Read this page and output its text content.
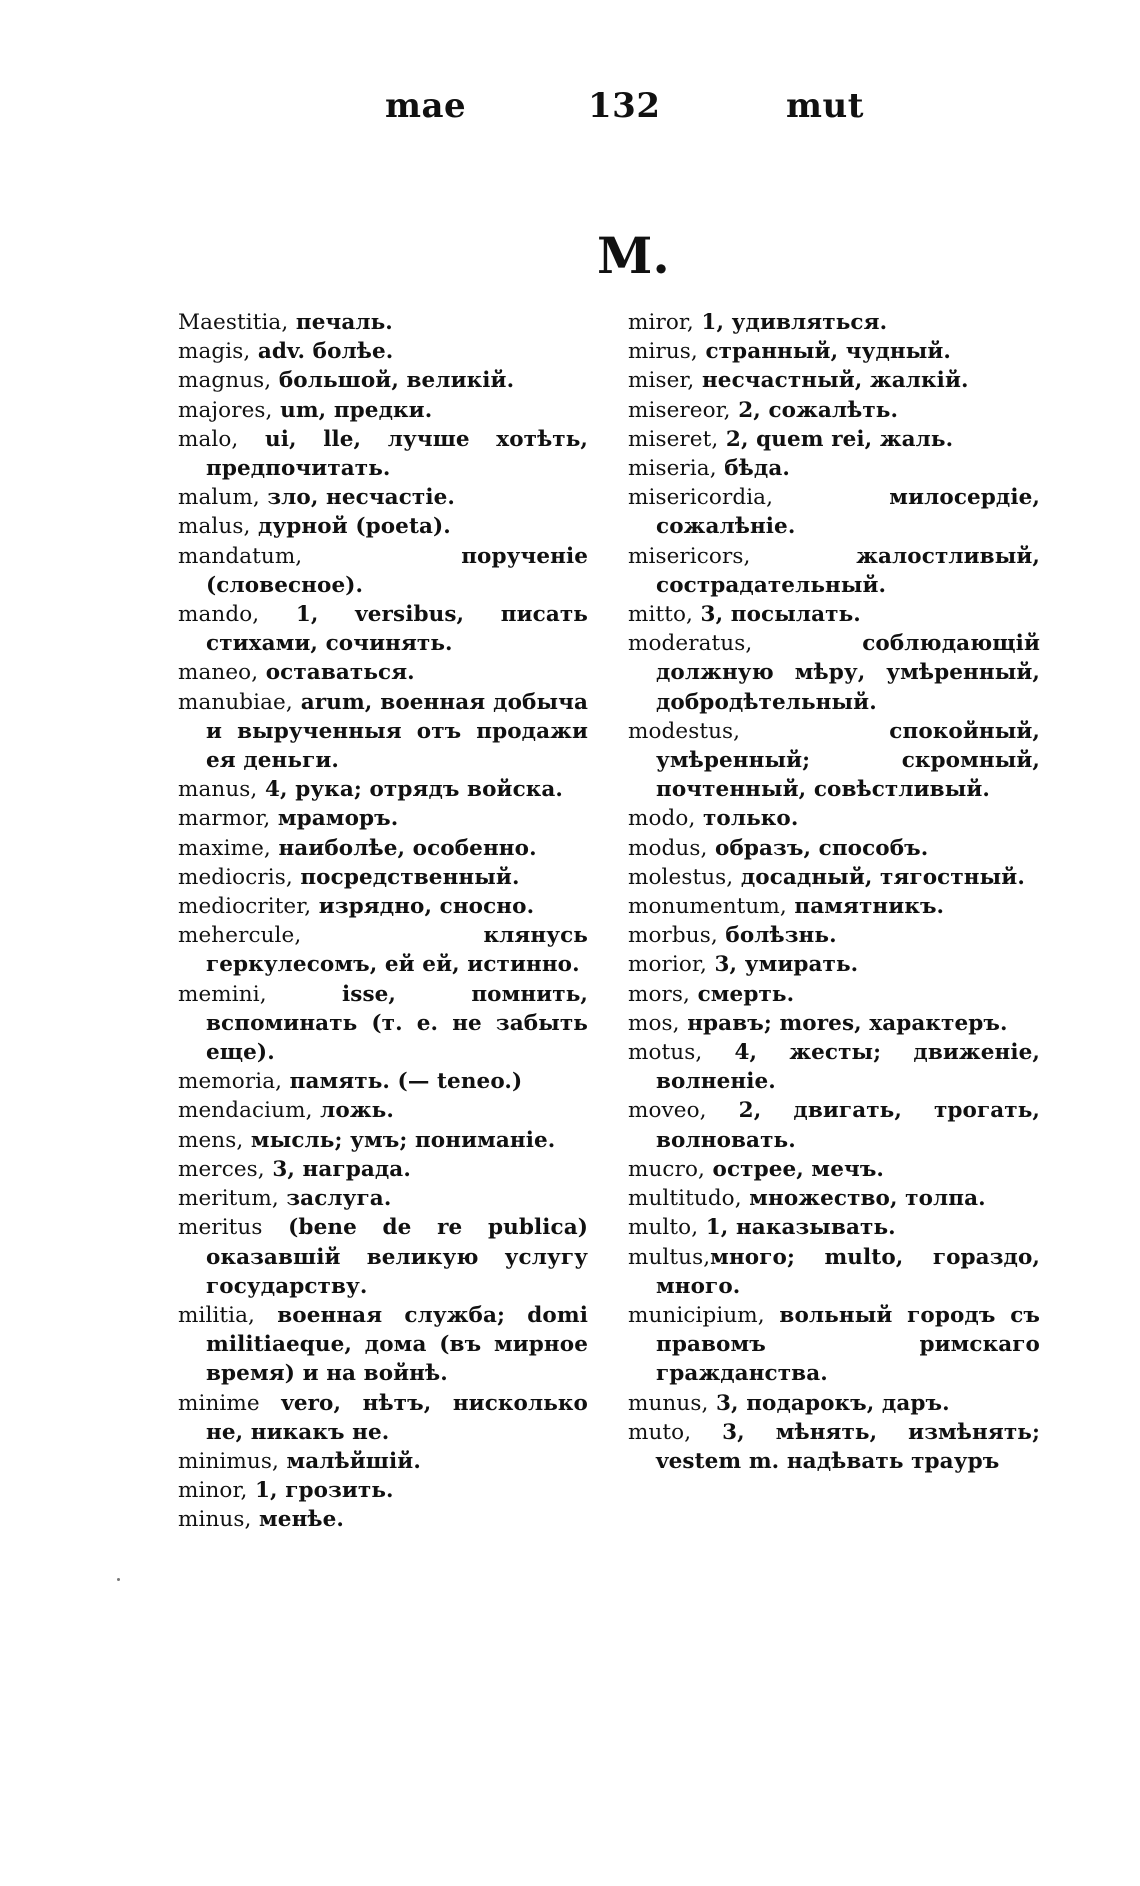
mae	132	mut
M.

Maestitia, печаль.

magis, adv. болѣе.

magnus, большой, великій.

majores, um, предки.

malo, ui, lle, лучше хотѣть, предпочитать.

malum, зло, несчастіе.

malus, дурной (poeta).

mandatum, порученіе (словесное).

mando, 1, versibus, писать стихами, сочинять.

maneo, оставаться.

manubiae, arum, военная добыча и вырученныя отъ продажи ея деньги.

manus, 4, рука; отрядъ войска.

marmor, мраморъ.

maxime, наиболѣе, особенно.

mediocris, посредственный.

mediocriter, изрядно, сносно.

mehercule, клянусь геркулесомъ, ей ей, истинно.

memini, isse, помнить, вспоминать (т. е. не забыть еще).

memoria, память. (— teneo.)

mendacium, ложь.

mens, мысль; умъ; пониманіе.

merces, 3, награда.

meritum, заслуга.

meritus (bene de re publica) оказавшій великую услугу государству.

militia, военная служба; domi militiaeque, дома (въ мирное время) и на войнѣ.

minime vero, нѣтъ, нисколько не, никакъ не.

minimus, малѣйшій.

minor, 1, грозить.

minus, менѣе.

miror, 1, удивляться.

mirus, странный, чудный.

miser, несчастный, жалкій.

misereor, 2, сожалѣть.

miseret, 2, quem rei, жаль.

miseria, бѣда.

misericordia, милосердіе, сожалѣніе.

misericors, жалостливый, сострадательный.

mitto, 3, посылать.

moderatus, соблюдающій должную мѣру, умѣренный, добродѣтельный.

modestus, спокойный, умѣренный; скромный, почтенный, совѣстливый.

modo, только.

modus, образъ, способъ.

molestus, досадный, тягостный.

monumentum, памятникъ.

morbus, болѣзнь.

morior, 3, умирать.

mors, смерть.

mos, нравъ; mores, характеръ.

motus, 4, жесты; движеніе, волненіе.

moveo, 2, двигать, трогать, волновать.

mucro, острее, мечъ.

multitudo, множество, толпа.

multo, 1, наказывать.

multus,много; multo, гораздо, много.

municipium, вольный городъ съ правомъ римскаго гражданства.

munus, 3, подарокъ, даръ.

muto, 3, мѣнять, измѣнять; vestem m. надѣвать трауръ
